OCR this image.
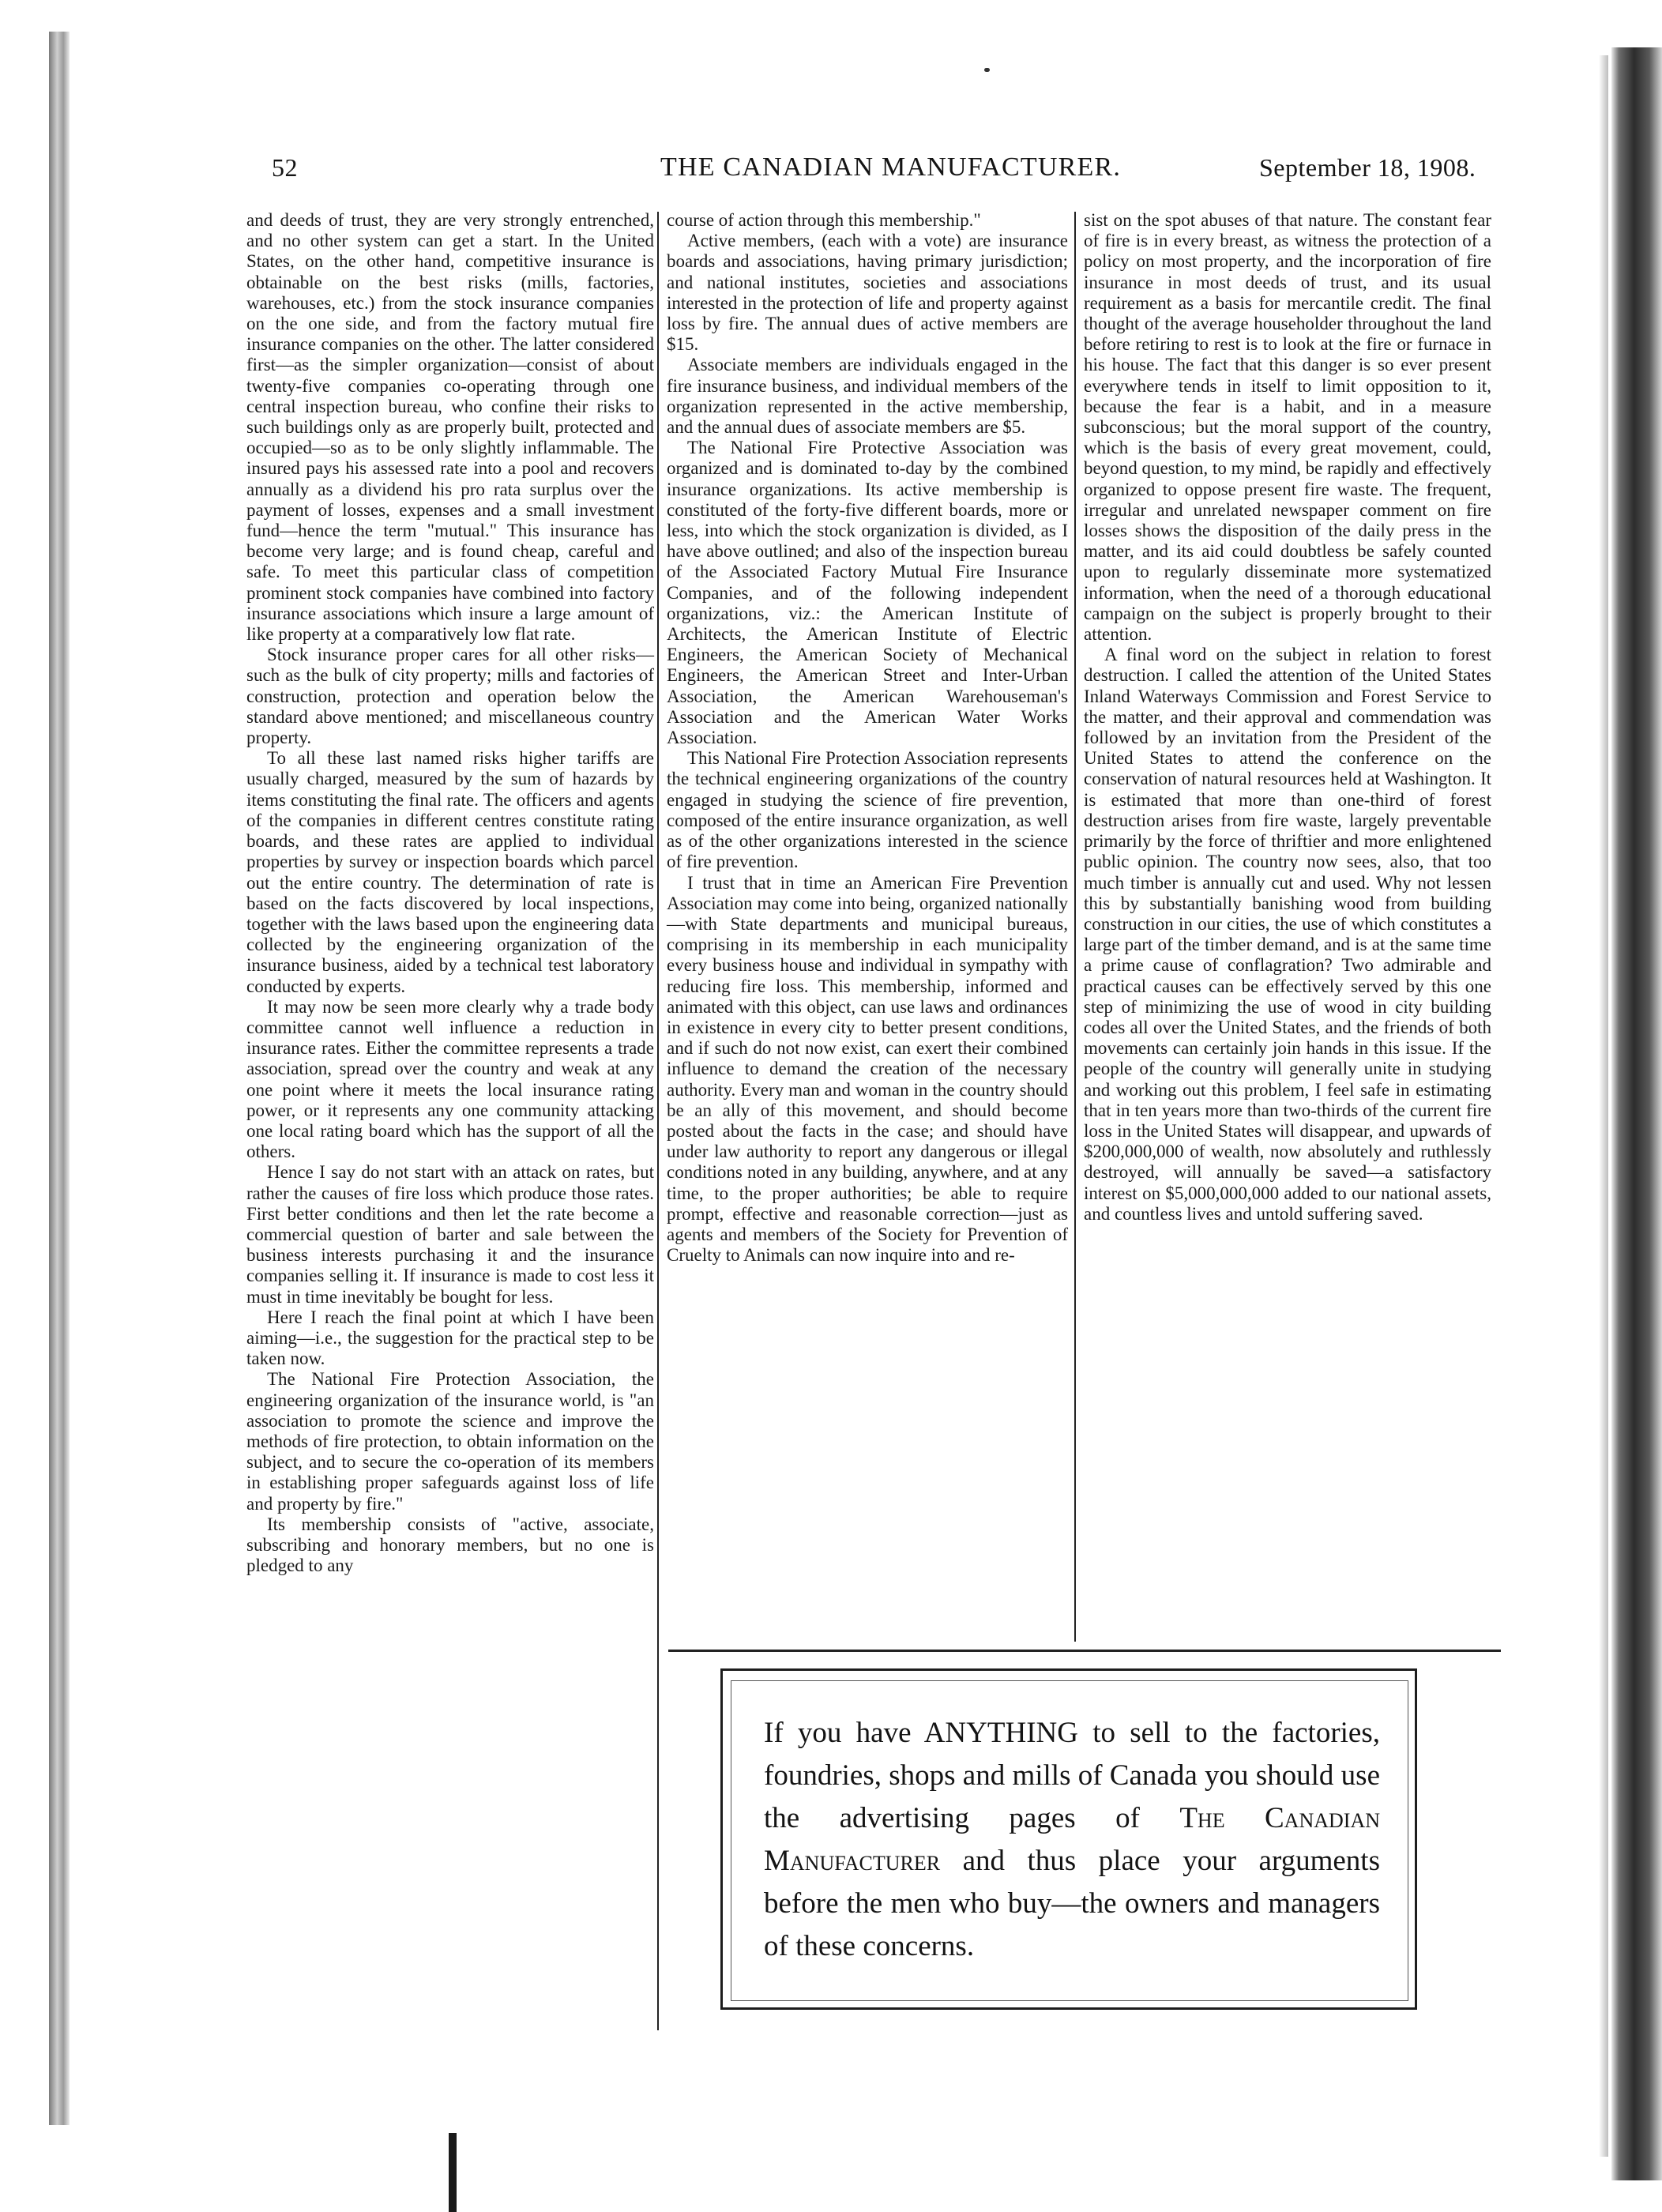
52	THE CANADIAN MANUFACTURER.	September 18, 1908.

and deeds of trust, they are very strongly entrenched, and no other system can get a start. In the United States, on the other hand, competitive insurance is obtainable on the best risks (mills, factories, warehouses, etc.) from the stock insurance companies on the one side, and from the factory mutual fire insurance companies on the other. The latter considered first—as the simpler organization—consist of about twenty-five companies co-operating through one central inspection bureau, who confine their risks to such buildings only as are properly built, protected and occupied—so as to be only slightly inflammable. The insured pays his assessed rate into a pool and recovers annually as a dividend his pro rata surplus over the payment of losses, expenses and a small investment fund—hence the term "mutual." This insurance has become very large; and is found cheap, careful and safe. To meet this particular class of competition prominent stock companies have combined into factory insurance associations which insure a large amount of like property at a comparatively low flat rate.

Stock insurance proper cares for all other risks—such as the bulk of city property; mills and factories of construction, protection and operation below the standard above mentioned; and miscellaneous country property.

To all these last named risks higher tariffs are usually charged, measured by the sum of hazards by items constituting the final rate. The officers and agents of the companies in different centres constitute rating boards, and these rates are applied to individual properties by survey or inspection boards which parcel out the entire country. The determination of rate is based on the facts discovered by local inspections, together with the laws based upon the engineering data collected by the engineering organization of the insurance business, aided by a technical test laboratory conducted by experts.

It may now be seen more clearly why a trade body committee cannot well influence a reduction in insurance rates. Either the committee represents a trade association, spread over the country and weak at any one point where it meets the local insurance rating power, or it represents any one community attacking one local rating board which has the support of all the others.

Hence I say do not start with an attack on rates, but rather the causes of fire loss which produce those rates. First better conditions and then let the rate become a commercial question of barter and sale between the business interests purchasing it and the insurance companies selling it. If insurance is made to cost less it must in time inevitably be bought for less.

Here I reach the final point at which I have been aiming—i.e., the suggestion for the practical step to be taken now.

The National Fire Protection Association, the engineering organization of the insurance world, is "an association to promote the science and improve the methods of fire protection, to obtain information on the subject, and to secure the co-operation of its members in establishing proper safeguards against loss of life and property by fire."

Its membership consists of "active, associate, subscribing and honorary members, but no one is pledged to any

course of action through this membership."

Active members, (each with a vote) are insurance boards and associations, having primary jurisdiction; and national institutes, societies and associations interested in the protection of life and property against loss by fire. The annual dues of active members are $15.

Associate members are individuals engaged in the fire insurance business, and individual members of the organization represented in the active membership, and the annual dues of associate members are $5.

The National Fire Protective Association was organized and is dominated to-day by the combined insurance organizations. Its active membership is constituted of the forty-five different boards, more or less, into which the stock organization is divided, as I have above outlined; and also of the inspection bureau of the Associated Factory Mutual Fire Insurance Companies, and of the following independent organizations, viz.: the American Institute of Architects, the American Institute of Electric Engineers, the American Society of Mechanical Engineers, the American Street and Inter-Urban Association, the American Warehouseman's Association and the American Water Works Association.

This National Fire Protection Association represents the technical engineering organizations of the country engaged in studying the science of fire prevention, composed of the entire insurance organization, as well as of the other organizations interested in the science of fire prevention.

I trust that in time an American Fire Prevention Association may come into being, organized nationally—with State departments and municipal bureaus, comprising in its membership in each municipality every business house and individual in sympathy with reducing fire loss. This membership, informed and animated with this object, can use laws and ordinances in existence in every city to better present conditions, and if such do not now exist, can exert their combined influence to demand the creation of the necessary authority. Every man and woman in the country should be an ally of this movement, and should become posted about the facts in the case; and should have under law authority to report any dangerous or illegal conditions noted in any building, anywhere, and at any time, to the proper authorities; be able to require prompt, effective and reasonable correction—just as agents and members of the Society for Prevention of Cruelty to Animals can now inquire into and re-

sist on the spot abuses of that nature. The constant fear of fire is in every breast, as witness the protection of a policy on most property, and the incorporation of fire insurance in most deeds of trust, and its usual requirement as a basis for mercantile credit. The final thought of the average householder throughout the land before retiring to rest is to look at the fire or furnace in his house. The fact that this danger is so ever present everywhere tends in itself to limit opposition to it, because the fear is a habit, and in a measure subconscious; but the moral support of the country, which is the basis of every great movement, could, beyond question, to my mind, be rapidly and effectively organized to oppose present fire waste. The frequent, irregular and unrelated newspaper comment on fire losses shows the disposition of the daily press in the matter, and its aid could doubtless be safely counted upon to regularly disseminate more systematized information, when the need of a thorough educational campaign on the subject is properly brought to their attention.

A final word on the subject in relation to forest destruction. I called the attention of the United States Inland Waterways Commission and Forest Service to the matter, and their approval and commendation was followed by an invitation from the President of the United States to attend the conference on the conservation of natural resources held at Washington. It is estimated that more than one-third of forest destruction arises from fire waste, largely preventable primarily by the force of thriftier and more enlightened public opinion. The country now sees, also, that too much timber is annually cut and used. Why not lessen this by substantially banishing wood from building construction in our cities, the use of which constitutes a large part of the timber demand, and is at the same time a prime cause of conflagration? Two admirable and practical causes can be effectively served by this one step of minimizing the use of wood in city building codes all over the United States, and the friends of both movements can certainly join hands in this issue. If the people of the country will generally unite in studying and working out this problem, I feel safe in estimating that in ten years more than two-thirds of the current fire loss in the United States will disappear, and upwards of $200,000,000 of wealth, now absolutely and ruthlessly destroyed, will annually be saved—a satisfactory interest on $5,000,000,000 added to our national assets, and countless lives and untold suffering saved.

If you have ANYTHING to sell to the factories, foundries, shops and mills of Canada you should use the advertising pages of The Canadian Manufacturer and thus place your arguments before the men who buy—the owners and managers of these concerns.
